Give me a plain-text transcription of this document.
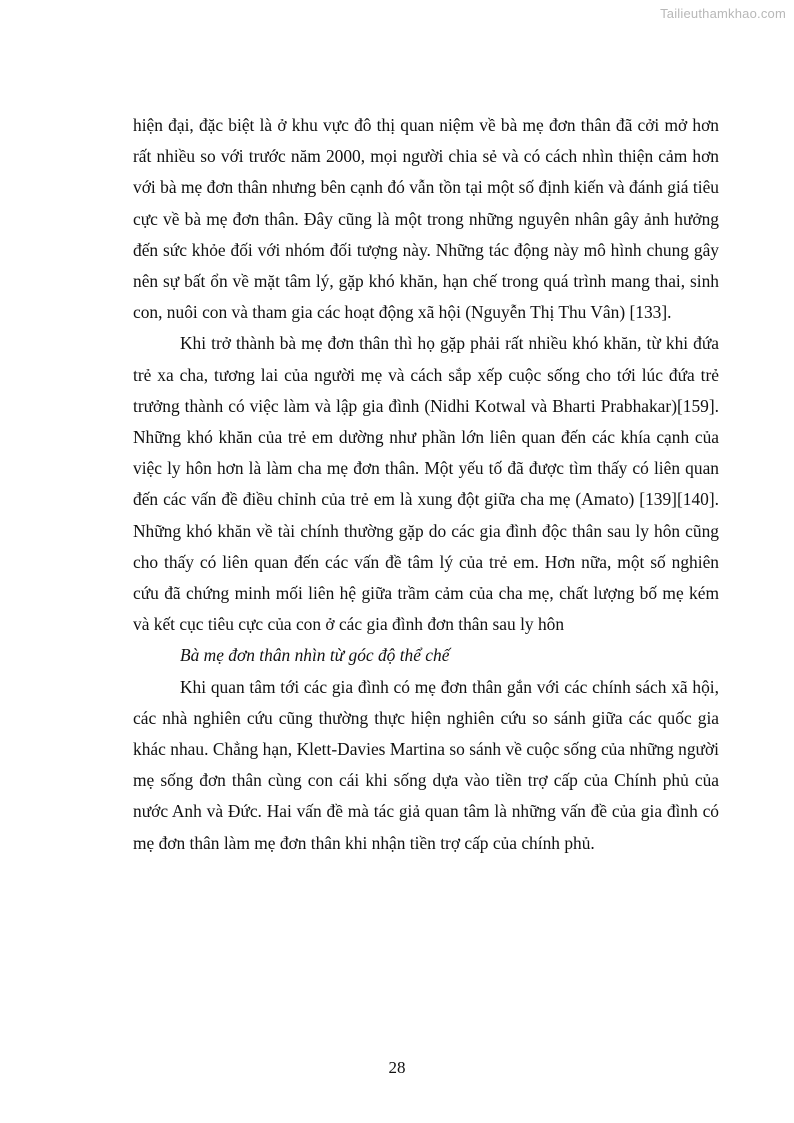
Tailieuthamkhao.com

hiện đại, đặc biệt là ở khu vực đô thị quan niệm về bà mẹ đơn thân đã cởi mở hơn rất nhiều so với trước năm 2000, mọi người chia sẻ và có cách nhìn thiện cảm hơn với bà mẹ đơn thân nhưng bên cạnh đó vẫn tồn tại một số định kiến và đánh giá tiêu cực về bà mẹ đơn thân. Đây cũng là một trong những nguyên nhân gây ảnh hưởng đến sức khỏe đối với nhóm đối tượng này. Những tác động này mô hình chung gây nên sự bất ổn về mặt tâm lý, gặp khó khăn, hạn chế trong quá trình mang thai, sinh con, nuôi con và tham gia các hoạt động xã hội (Nguyễn Thị Thu Vân) [133].

Khi trở thành bà mẹ đơn thân thì họ gặp phải rất nhiều khó khăn, từ khi đứa trẻ xa cha, tương lai của người mẹ và cách sắp xếp cuộc sống cho tới lúc đứa trẻ trưởng thành có việc làm và lập gia đình (Nidhi Kotwal và Bharti Prabhakar)[159]. Những khó khăn của trẻ em dường như phần lớn liên quan đến các khía cạnh của việc ly hôn hơn là làm cha mẹ đơn thân. Một yếu tố đã được tìm thấy có liên quan đến các vấn đề điều chỉnh của trẻ em là xung đột giữa cha mẹ (Amato) [139][140]. Những khó khăn về tài chính thường gặp do các gia đình độc thân sau ly hôn cũng cho thấy có liên quan đến các vấn đề tâm lý của trẻ em. Hơn nữa, một số nghiên cứu đã chứng minh mối liên hệ giữa trầm cảm của cha mẹ, chất lượng bố mẹ kém và kết cục tiêu cực của con ở các gia đình đơn thân sau ly hôn

Bà mẹ đơn thân nhìn từ góc độ thể chế

Khi quan tâm tới các gia đình có mẹ đơn thân gắn với các chính sách xã hội, các nhà nghiên cứu cũng thường thực hiện nghiên cứu so sánh giữa các quốc gia khác nhau. Chẳng hạn, Klett-Davies Martina so sánh về cuộc sống của những người mẹ sống đơn thân cùng con cái khi sống dựa vào tiền trợ cấp của Chính phủ của nước Anh và Đức. Hai vấn đề mà tác giả quan tâm là những vấn đề của gia đình có mẹ đơn thân làm mẹ đơn thân khi nhận tiền trợ cấp của chính phủ.

28
